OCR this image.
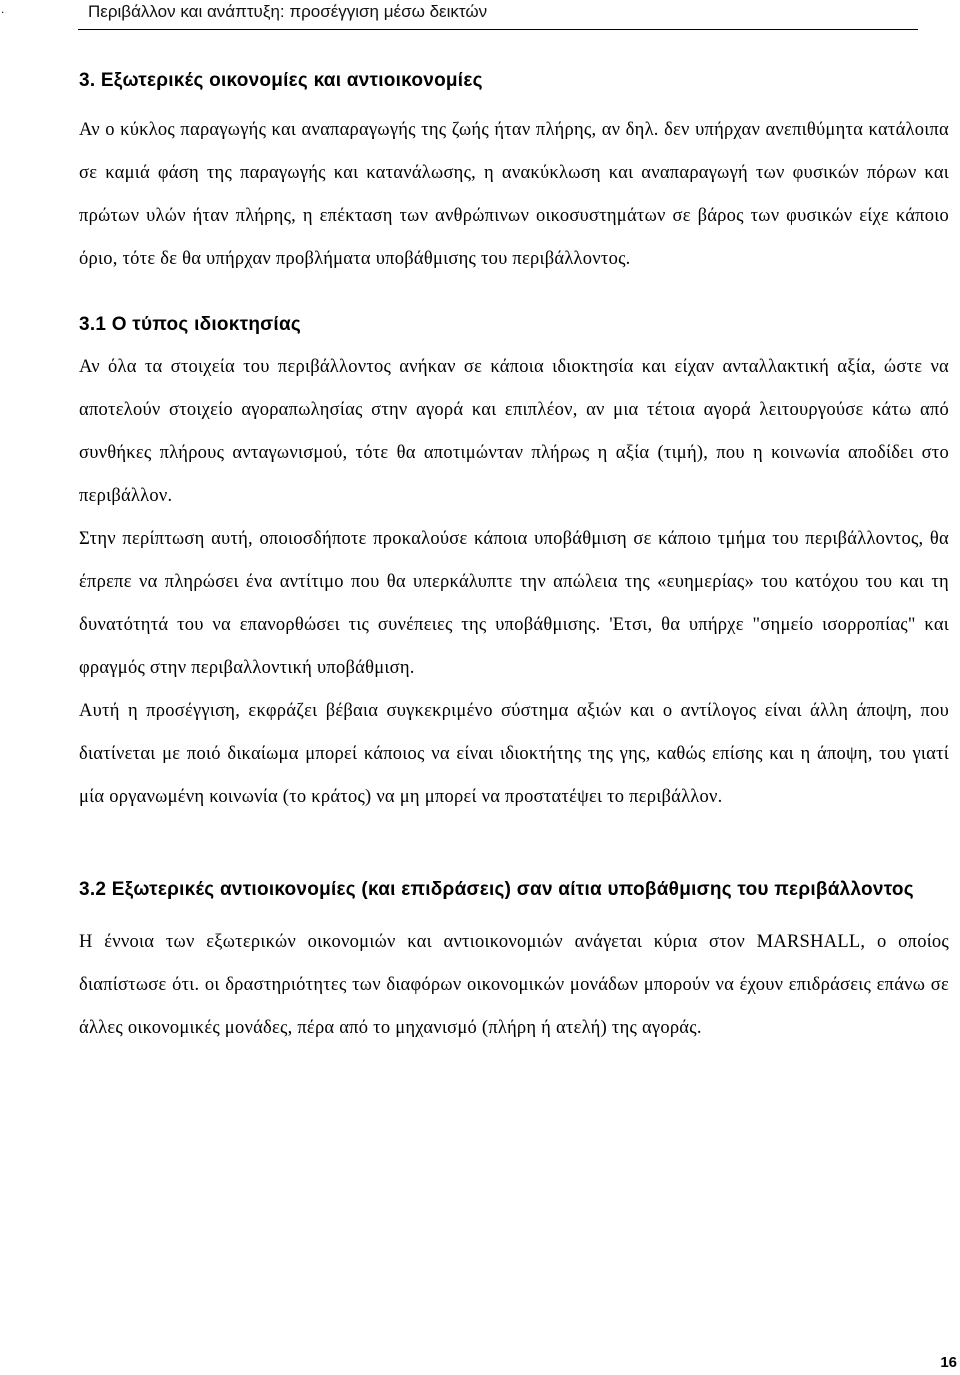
.	Περιβάλλον και ανάπτυξη: προσέγγιση μέσω δεικτών
3. Εξωτερικές οικονομίες και αντιοικονομίες

Αν ο κύκλος παραγωγής και αναπαραγωγής της ζωής ήταν πλήρης, αν δηλ. δεν υπήρχαν ανεπιθύμητα κατάλοιπα σε καμιά φάση της παραγωγής και κατανάλωσης, η ανακύκλωση και αναπαραγωγή των φυσικών πόρων και πρώτων υλών ήταν πλήρης, η επέκταση των ανθρώπινων οικοσυστημάτων σε βάρος των φυσικών είχε κάποιο όριο, τότε δε θα υπήρχαν προβλήματα υποβάθμισης του περιβάλλοντος.

3.1 Ο τύπος ιδιοκτησίας

Αν όλα τα στοιχεία του περιβάλλοντος ανήκαν σε κάποια ιδιοκτησία και είχαν ανταλλακτική αξία, ώστε να αποτελούν στοιχείο αγοραπωλησίας στην αγορά και επιπλέον, αν μια τέτοια αγορά λειτουργούσε κάτω από συνθήκες πλήρους ανταγωνισμού, τότε θα αποτιμώνταν πλήρως η αξία (τιμή), που η κοινωνία αποδίδει στο περιβάλλον.

Στην περίπτωση αυτή, οποιοσδήποτε προκαλούσε κάποια υποβάθμιση σε κάποιο τμήμα του περιβάλλοντος, θα έπρεπε να πληρώσει ένα αντίτιμο που θα υπερκάλυπτε την απώλεια της «ευημερίας» του κατόχου του και τη δυνατότητά του να επανορθώσει τις συνέπειες της υποβάθμισης. 'Ετσι, θα υπήρχε "σημείο ισορροπίας" και φραγμός στην περιβαλλοντική υποβάθμιση.

Αυτή η προσέγγιση, εκφράζει βέβαια συγκεκριμένο σύστημα αξιών και ο αντίλογος είναι άλλη άποψη, που διατίνεται με ποιό δικαίωμα μπορεί κάποιος να είναι ιδιοκτήτης της γης, καθώς επίσης και η άποψη, του γιατί μία οργανωμένη κοινωνία (το κράτος) να μη μπορεί να προστατέψει το περιβάλλον.

3.2 Εξωτερικές αντιοικονομίες (και επιδράσεις) σαν αίτια υποβάθμισης του περιβάλλοντος

Η έννοια των εξωτερικών οικονομιών και αντιοικονομιών ανάγεται κύρια στον MARSHALL, ο οποίος διαπίστωσε ότι. οι δραστηριότητες των διαφόρων οικονομικών μονάδων μπορούν να έχουν επιδράσεις επάνω σε άλλες οικονομικές μονάδες, πέρα από το μηχανισμό (πλήρη ή ατελή) της αγοράς.

16
